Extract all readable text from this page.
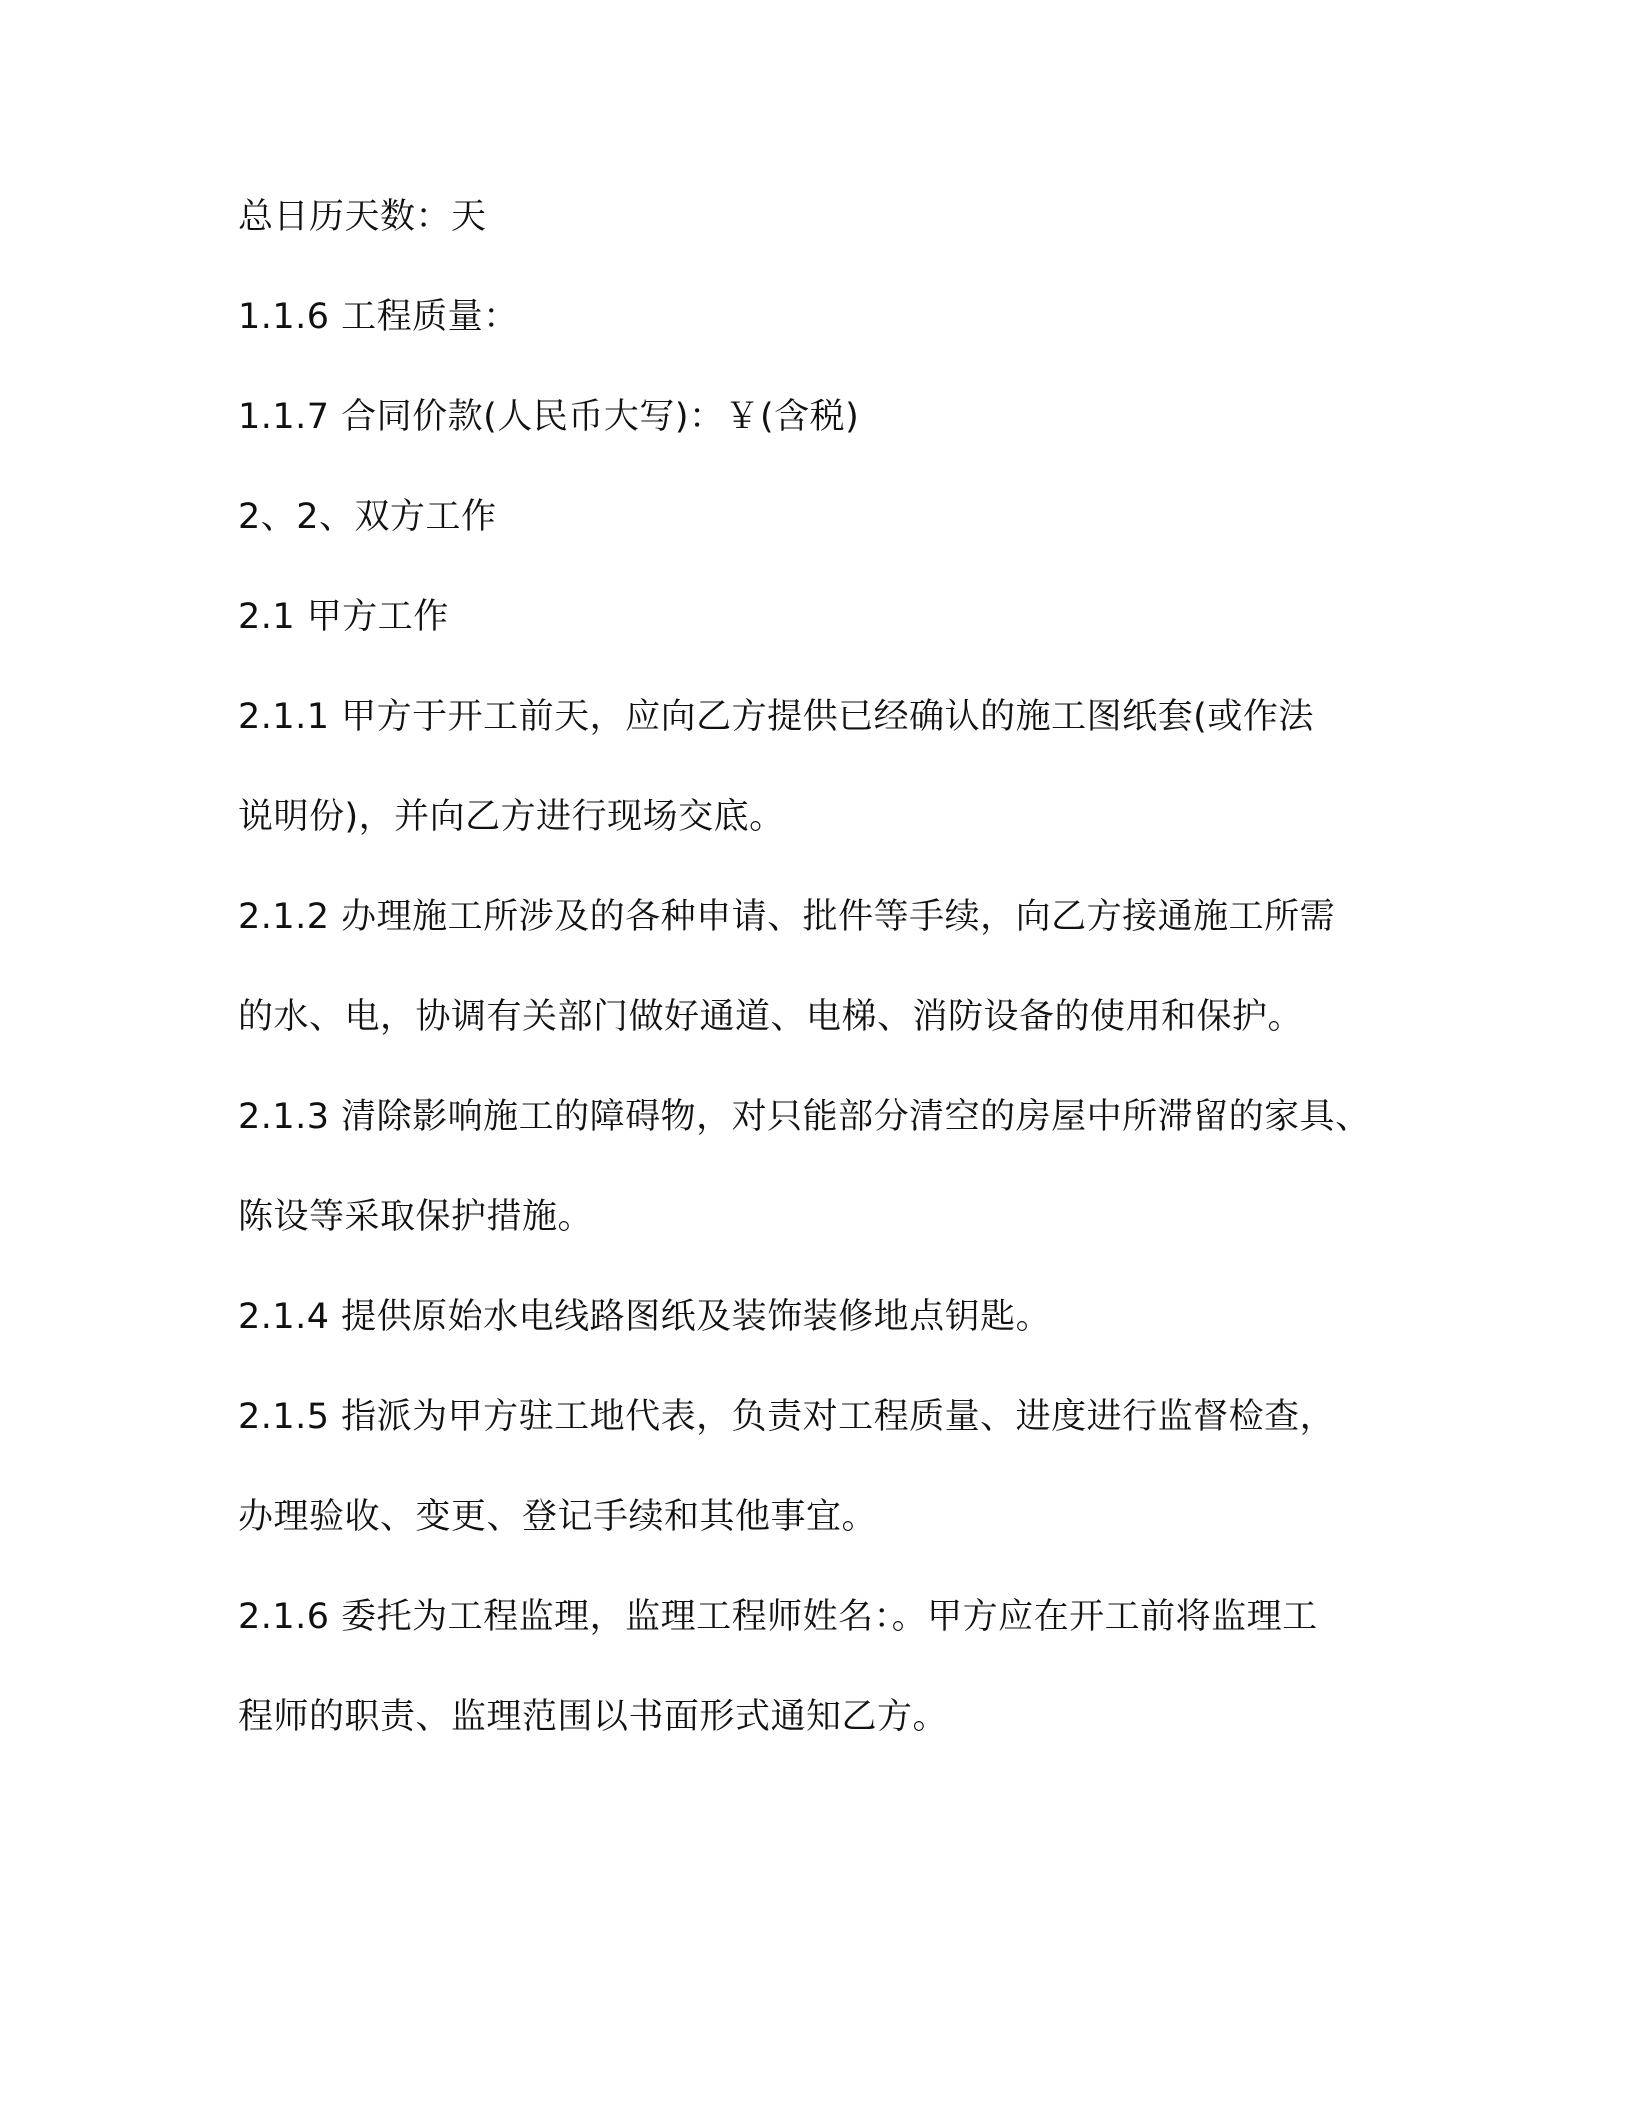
总日历天数：天
1.1.6 工程质量：
1.1.7 合同价款(人民币大写)：￥(含税)
2、2、双方工作
2.1 甲方工作
2.1.1 甲方于开工前天，应向乙方提供已经确认的施工图纸套(或作法
说明份)，并向乙方进行现场交底。
2.1.2 办理施工所涉及的各种申请、批件等手续，向乙方接通施工所需
的水、电，协调有关部门做好通道、电梯、消防设备的使用和保护。
2.1.3 清除影响施工的障碍物，对只能部分清空的房屋中所滞留的家具、
陈设等采取保护措施。
2.1.4 提供原始水电线路图纸及装饰装修地点钥匙。
2.1.5 指派为甲方驻工地代表，负责对工程质量、进度进行监督检查，
办理验收、变更、登记手续和其他事宜。
2.1.6 委托为工程监理，监理工程师姓名：。甲方应在开工前将监理工
程师的职责、监理范围以书面形式通知乙方。
